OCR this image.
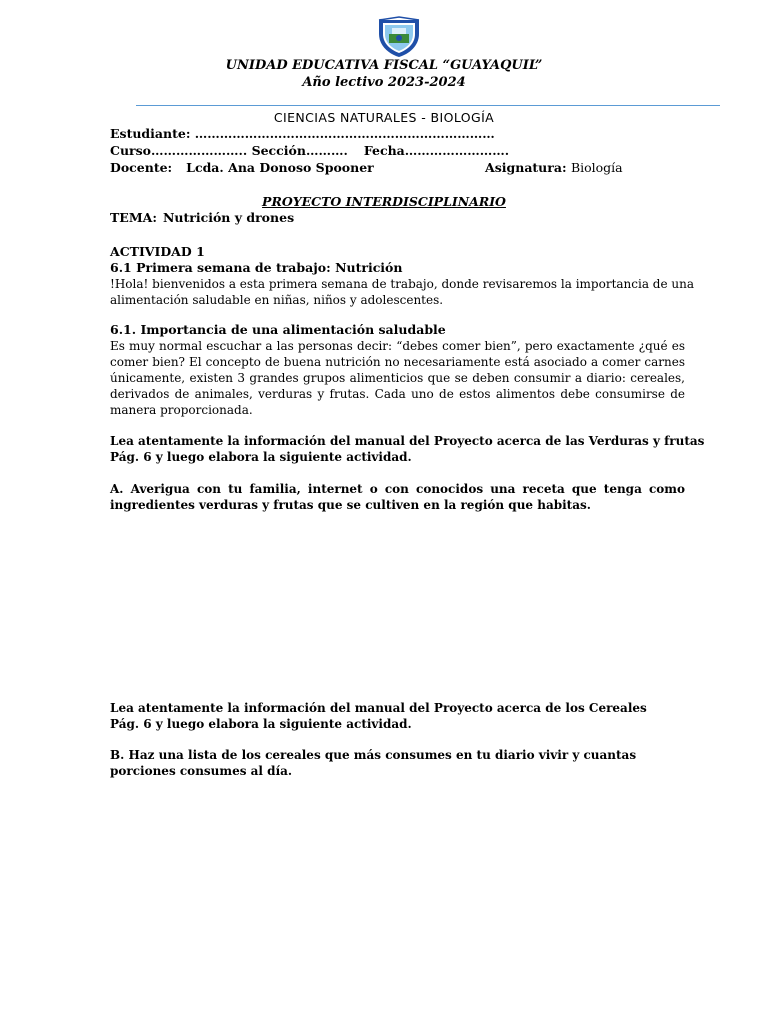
UNIDAD EDUCATIVA FISCAL “GUAYAQUIL”
Año lectivo 2023-2024
CIENCIAS NATURALES - BIOLOGÍA
Estudiante: ………………………………………………………………
Curso………………….. Sección………. Fecha…………………….
Docente: Lcda. Ana Donoso Spooner	Asignatura: Biología
PROYECTO INTERDISCIPLINARIO
TEMA: Nutrición y drones
ACTIVIDAD 1
6.1 Primera semana de trabajo: Nutrición
!Hola! bienvenidos a esta primera semana de trabajo, donde revisaremos la importancia de una
alimentación saludable en niñas, niños y adolescentes.
6.1. Importancia de una alimentación saludable
Es muy normal escuchar a las personas decir: “debes comer bien”, pero exactamente ¿qué es
comer bien? El concepto de buena nutrición no necesariamente está asociado a comer carnes
únicamente, existen 3 grandes grupos alimenticios que se deben consumir a diario: cereales,
derivados de animales, verduras y frutas. Cada uno de estos alimentos debe consumirse de
manera proporcionada.
Lea atentamente la información del manual del Proyecto acerca de las Verduras y frutas
Pág. 6 y luego elabora la siguiente actividad.
A. Averigua con tu familia, internet o con conocidos una receta que tenga como
ingredientes verduras y frutas que se cultiven en la región que habitas.
Lea atentamente la información del manual del Proyecto acerca de los Cereales
Pág. 6 y luego elabora la siguiente actividad.
B. Haz una lista de los cereales que más consumes en tu diario vivir y cuantas
porciones consumes al día.
